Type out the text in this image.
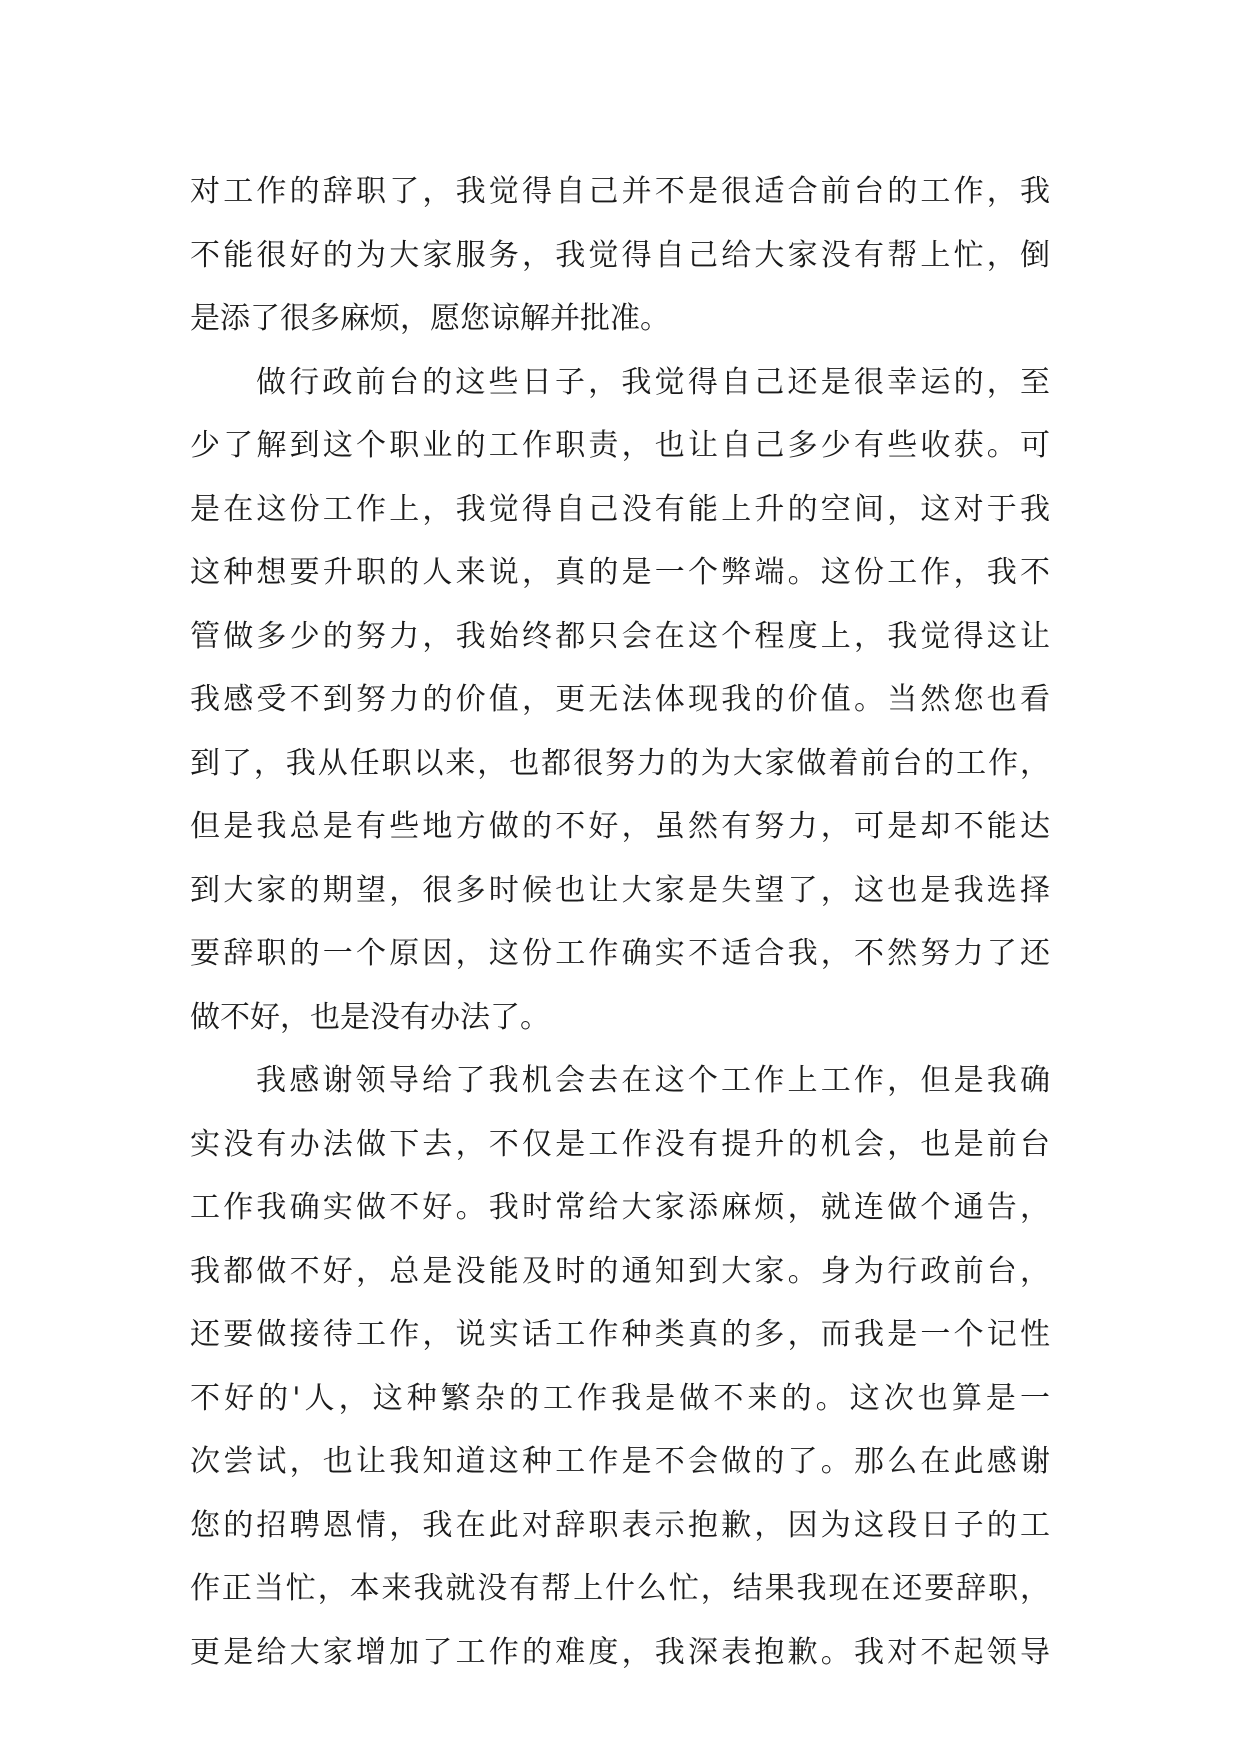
对工作的辞职了，我觉得自己并不是很适合前台的工作，我
不能很好的为大家服务，我觉得自己给大家没有帮上忙，倒
是添了很多麻烦，愿您谅解并批准。
做行政前台的这些日子，我觉得自己还是很幸运的，至
少了解到这个职业的工作职责，也让自己多少有些收获。可
是在这份工作上，我觉得自己没有能上升的空间，这对于我
这种想要升职的人来说，真的是一个弊端。这份工作，我不
管做多少的努力，我始终都只会在这个程度上，我觉得这让
我感受不到努力的价值，更无法体现我的价值。当然您也看
到了，我从任职以来，也都很努力的为大家做着前台的工作，
但是我总是有些地方做的不好，虽然有努力，可是却不能达
到大家的期望，很多时候也让大家是失望了，这也是我选择
要辞职的一个原因，这份工作确实不适合我，不然努力了还
做不好，也是没有办法了。
我感谢领导给了我机会去在这个工作上工作，但是我确
实没有办法做下去，不仅是工作没有提升的机会，也是前台
工作我确实做不好。我时常给大家添麻烦，就连做个通告，
我都做不好，总是没能及时的通知到大家。身为行政前台，
还要做接待工作，说实话工作种类真的多，而我是一个记性
不好的'人，这种繁杂的工作我是做不来的。这次也算是一
次尝试，也让我知道这种工作是不会做的了。那么在此感谢
您的招聘恩情，我在此对辞职表示抱歉，因为这段日子的工
作正当忙，本来我就没有帮上什么忙，结果我现在还要辞职，
更是给大家增加了工作的难度，我深表抱歉。我对不起领导
